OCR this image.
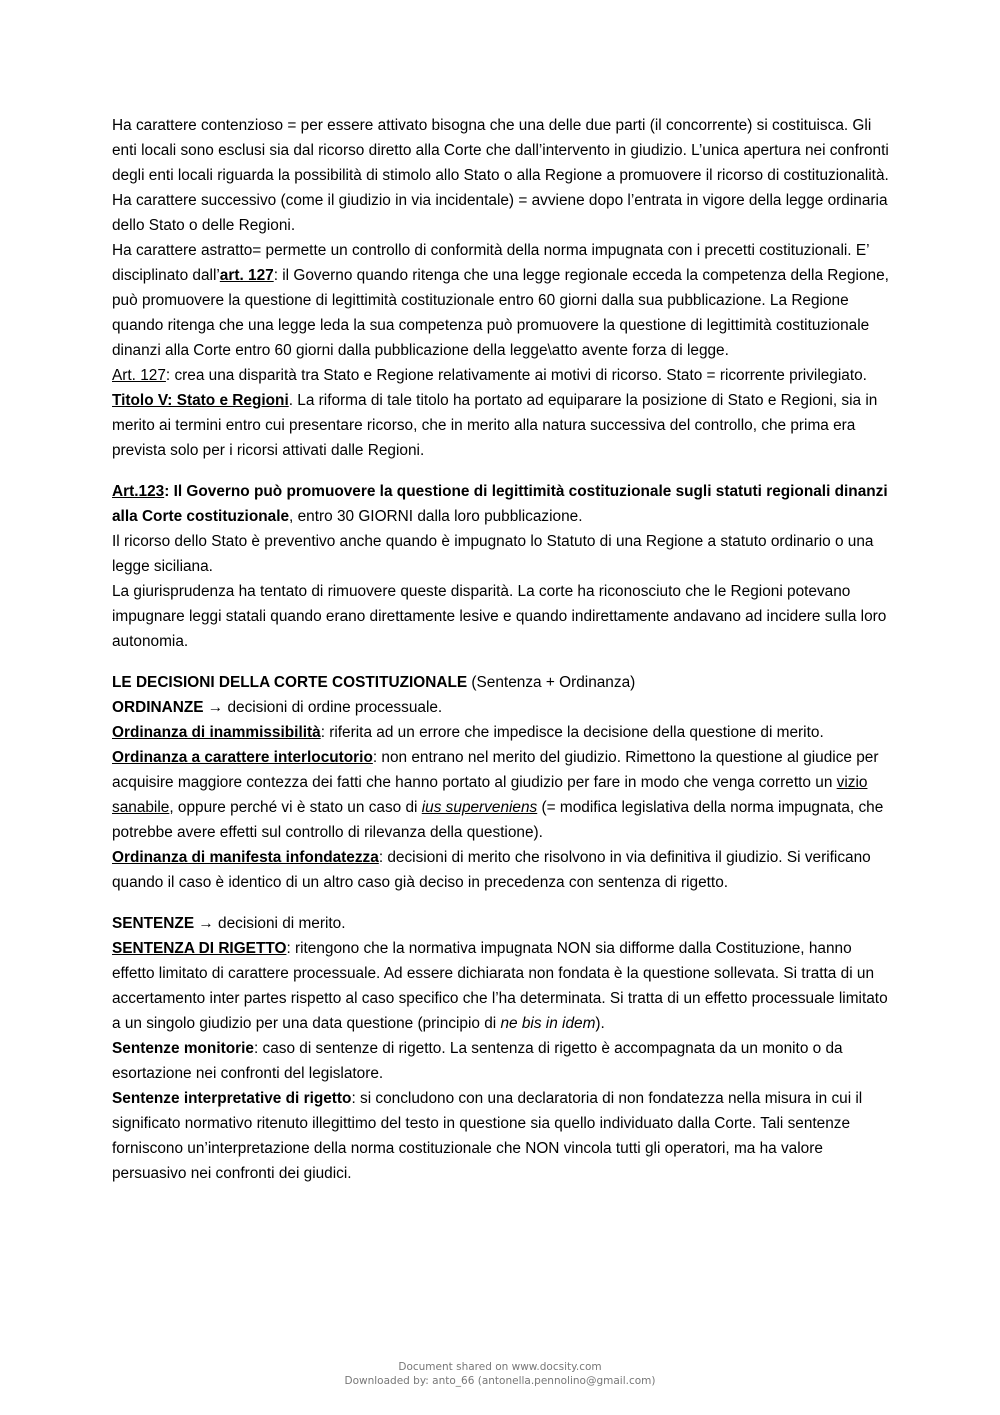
Ha carattere contenzioso = per essere attivato bisogna che una delle due parti (il concorrente) si costituisca. Gli enti locali sono esclusi sia dal ricorso diretto alla Corte che dall’intervento in giudizio. L’unica apertura nei confronti degli enti locali riguarda la possibilità di stimolo allo Stato o alla Regione a promuovere il ricorso di costituzionalità.

Ha carattere successivo (come il giudizio in via incidentale) = avviene dopo l’entrata in vigore della legge ordinaria dello Stato o delle Regioni.

Ha carattere astratto= permette un controllo di conformità della norma impugnata con i precetti costituzionali. E’ disciplinato dall’art. 127: il Governo quando ritenga che una legge regionale ecceda la competenza della Regione, può promuovere la questione di legittimità costituzionale entro 60 giorni dalla sua pubblicazione. La Regione quando ritenga che una legge leda la sua competenza può promuovere la questione di legittimità costituzionale dinanzi alla Corte entro 60 giorni dalla pubblicazione della legge\atto avente forza di legge.

Art. 127: crea una disparità tra Stato e Regione relativamente ai motivi di ricorso. Stato = ricorrente privilegiato.

Titolo V: Stato e Regioni. La riforma di tale titolo ha portato ad equiparare la posizione di Stato e Regioni, sia in merito ai termini entro cui presentare ricorso, che in merito alla natura successiva del controllo, che prima era prevista solo per i ricorsi attivati dalle Regioni.

Art.123: Il Governo può promuovere la questione di legittimità costituzionale sugli statuti regionali dinanzi alla Corte costituzionale, entro 30 GIORNI dalla loro pubblicazione.

Il ricorso dello Stato è preventivo anche quando è impugnato lo Statuto di una Regione a statuto ordinario o una legge siciliana.

La giurisprudenza ha tentato di rimuovere queste disparità. La corte ha riconosciuto che le Regioni potevano impugnare leggi statali quando erano direttamente lesive e quando indirettamente andavano ad incidere sulla loro autonomia.

LE DECISIONI DELLA CORTE COSTITUZIONALE (Sentenza + Ordinanza)

ORDINANZE → decisioni di ordine processuale.

Ordinanza di inammissibilità: riferita ad un errore che impedisce la decisione della questione di merito.

Ordinanza a carattere interlocutorio: non entrano nel merito del giudizio. Rimettono la questione al giudice per acquisire maggiore contezza dei fatti che hanno portato al giudizio per fare in modo che venga corretto un vizio sanabile, oppure perché vi è stato un caso di ius superveniens (= modifica legislativa della norma impugnata, che potrebbe avere effetti sul controllo di rilevanza della questione).

Ordinanza di manifesta infondatezza: decisioni di merito che risolvono in via definitiva il giudizio. Si verificano quando il caso è identico di un altro caso già deciso in precedenza con sentenza di rigetto.

SENTENZE → decisioni di merito.

SENTENZA DI RIGETTO: ritengono che la normativa impugnata NON sia difforme dalla Costituzione, hanno effetto limitato di carattere processuale. Ad essere dichiarata non fondata è la questione sollevata. Si tratta di un accertamento inter partes rispetto al caso specifico che l’ha determinata. Si tratta di un effetto processuale limitato a un singolo giudizio per una data questione (principio di ne bis in idem).

Sentenze monitorie: caso di sentenze di rigetto. La sentenza di rigetto è accompagnata da un monito o da esortazione nei confronti del legislatore.

Sentenze interpretative di rigetto: si concludono con una declaratoria di non fondatezza nella misura in cui il significato normativo ritenuto illegittimo del testo in questione sia quello individuato dalla Corte. Tali sentenze forniscono un’interpretazione della norma costituzionale che NON vincola tutti gli operatori, ma ha valore persuasivo nei confronti dei giudici.

Document shared on www.docsity.com
Downloaded by: anto_66 (antonella.pennolino@gmail.com)
